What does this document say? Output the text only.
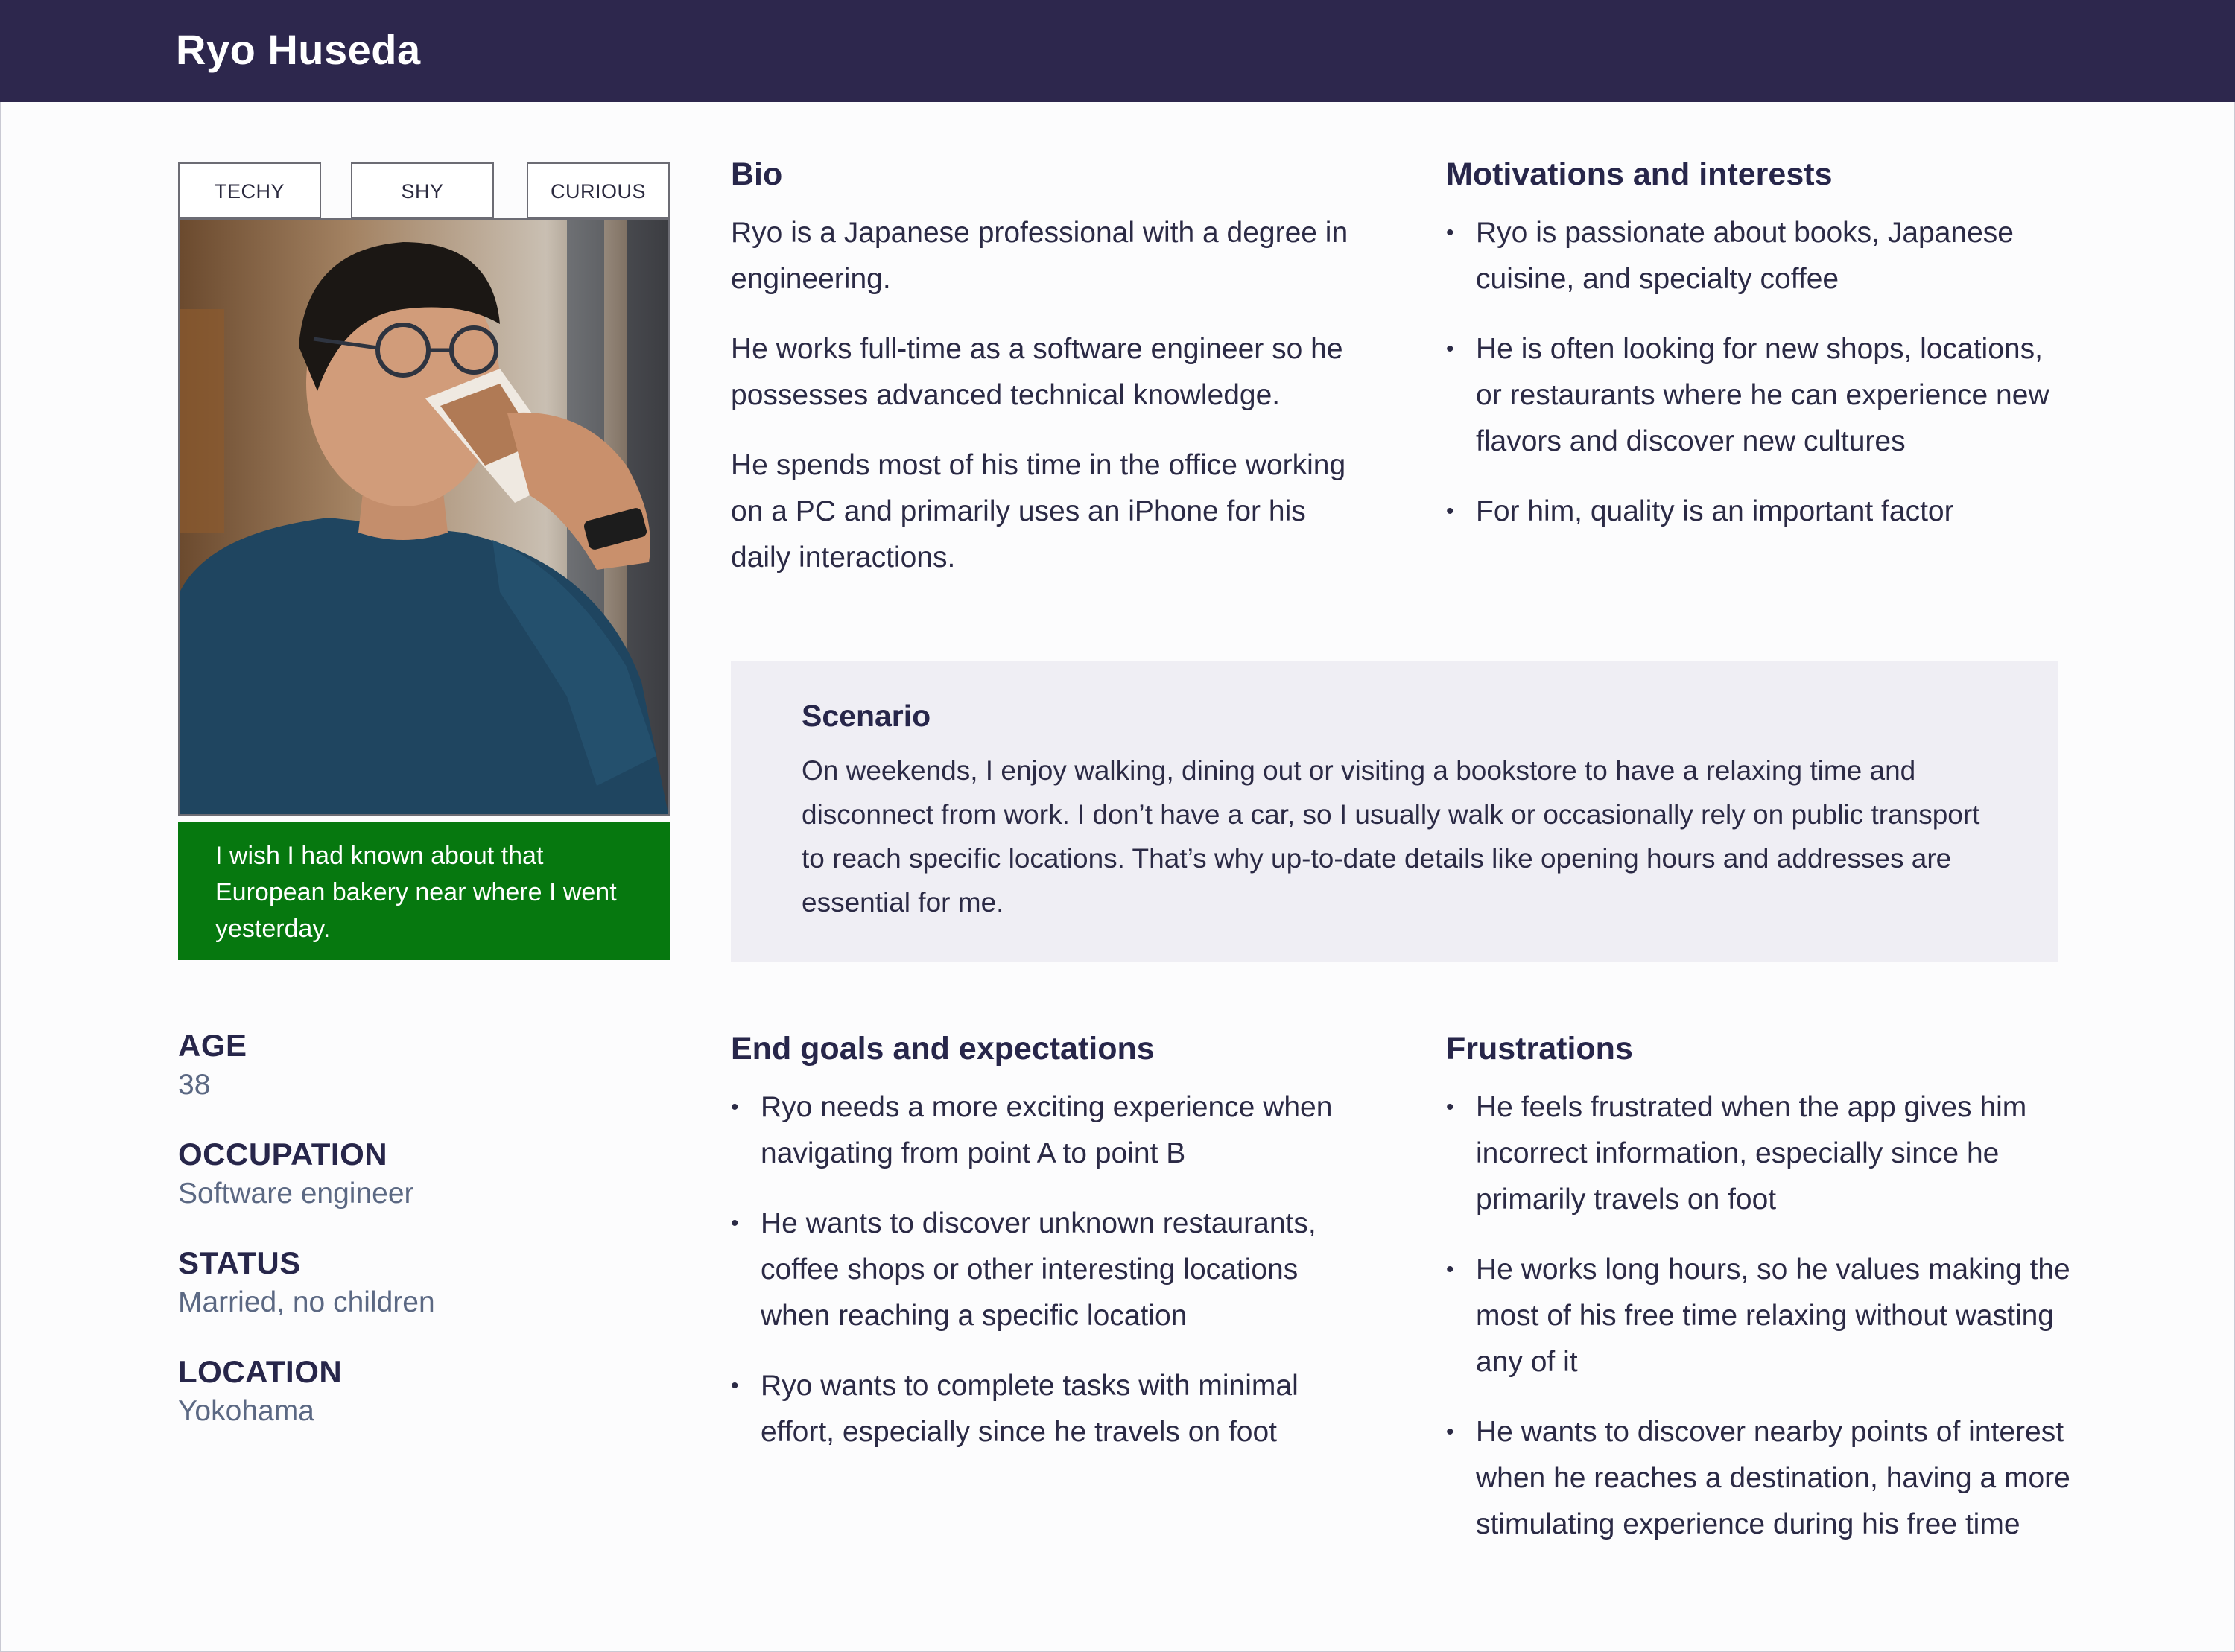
Ryo Huseda
TECHY	SHY	CURIOUS
I wish I had known about that European bakery near where I went yesterday.
Bio

Ryo is a Japanese professional with a degree in engineering.

He works full-time as a software engineer so he possesses advanced technical knowledge.

He spends most of his time in the office working on a PC and primarily uses an iPhone for his daily interactions.

Motivations and interests
• Ryo is passionate about books, Japanese cuisine, and specialty coffee
• He is often looking for new shops, locations, or restaurants where he can experience new flavors and discover new cultures
• For him, quality is an important factor
Scenario
On weekends, I enjoy walking, dining out or visiting a bookstore to have a relaxing time and disconnect from work. I don’t have a car, so I usually walk or occasionally rely on public transport to reach specific locations. That’s why up-to-date details like opening hours and addresses are essential for me.
AGE
38
OCCUPATION
Software engineer
STATUS
Married, no children
LOCATION
Yokohama
End goals and expectations
• Ryo needs a more exciting experience when navigating from point A to point B
• He wants to discover unknown restaurants, coffee shops or other interesting locations when reaching a specific location
• Ryo wants to complete tasks with minimal effort, especially since he travels on foot
Frustrations
• He feels frustrated when the app gives him incorrect information, especially since he primarily travels on foot
• He works long hours, so he values making the most of his free time relaxing without wasting any of it
• He wants to discover nearby points of interest when he reaches a destination, having a more stimulating experience during his free time
